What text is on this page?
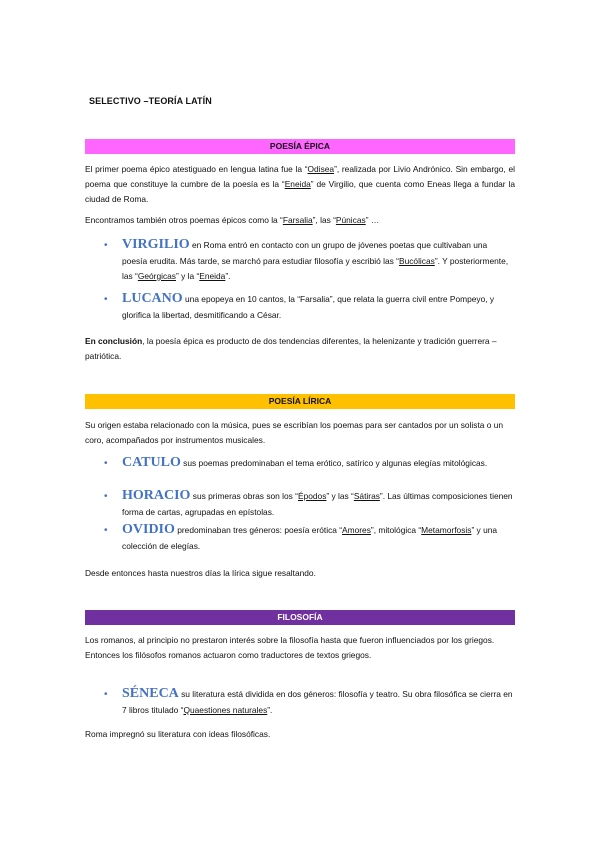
SELECTIVO –TEORÍA LATÍN
POESÍA ÉPICA
El primer poema épico atestiguado en lengua latina fue la “Odisea”, realizada por Livio Andrónico. Sin embargo, el poema que constituye la cumbre de la poesía es la “Eneida” de Virgilio, que cuenta como Eneas llega a fundar la ciudad de Roma.
Encontramos también otros poemas épicos como la “Farsalia”, las “Púnicas” …
•	VIRGILIO en Roma entró en contacto con un grupo de jóvenes poetas que cultivaban una poesía erudita. Más tarde, se marchó para estudiar filosofía y escribió las “Bucólicas”. Y posteriormente, las “Geórgicas” y la “Eneida”.
•	LUCANO una epopeya en 10 cantos, la “Farsalia”, que relata la guerra civil entre Pompeyo, y glorifica la libertad, desmitificando a César.
En conclusión, la poesía épica es producto de dos tendencias diferentes, la helenizante y tradición guerrera – patriótica.
POESÍA LÍRICA
Su origen estaba relacionado con la música, pues se escribían los poemas para ser cantados por un solista o un coro, acompañados por instrumentos musicales.
•	CATULO sus poemas predominaban el tema erótico, satírico y algunas elegías mitológicas.
•	HORACIO sus primeras obras son los “Épodos” y las “Sátiras”. Las últimas composiciones tienen forma de cartas, agrupadas en epístolas.
•	OVIDIO predominaban tres géneros: poesía erótica “Amores”, mitológica “Metamorfosis” y una colección de elegías.
Desde entonces hasta nuestros días la lírica sigue resaltando.
FILOSOFÍA
Los romanos, al principio no prestaron interés sobre la filosofía hasta que fueron influenciados por los griegos. Entonces los filósofos romanos actuaron como traductores de textos griegos.
•	SÉNECA su literatura está dividida en dos géneros: filosofía y teatro. Su obra filosófica se cierra en 7 libros titulado “Quaestiones naturales”.
Roma impregnó su literatura con ideas filosóficas.
